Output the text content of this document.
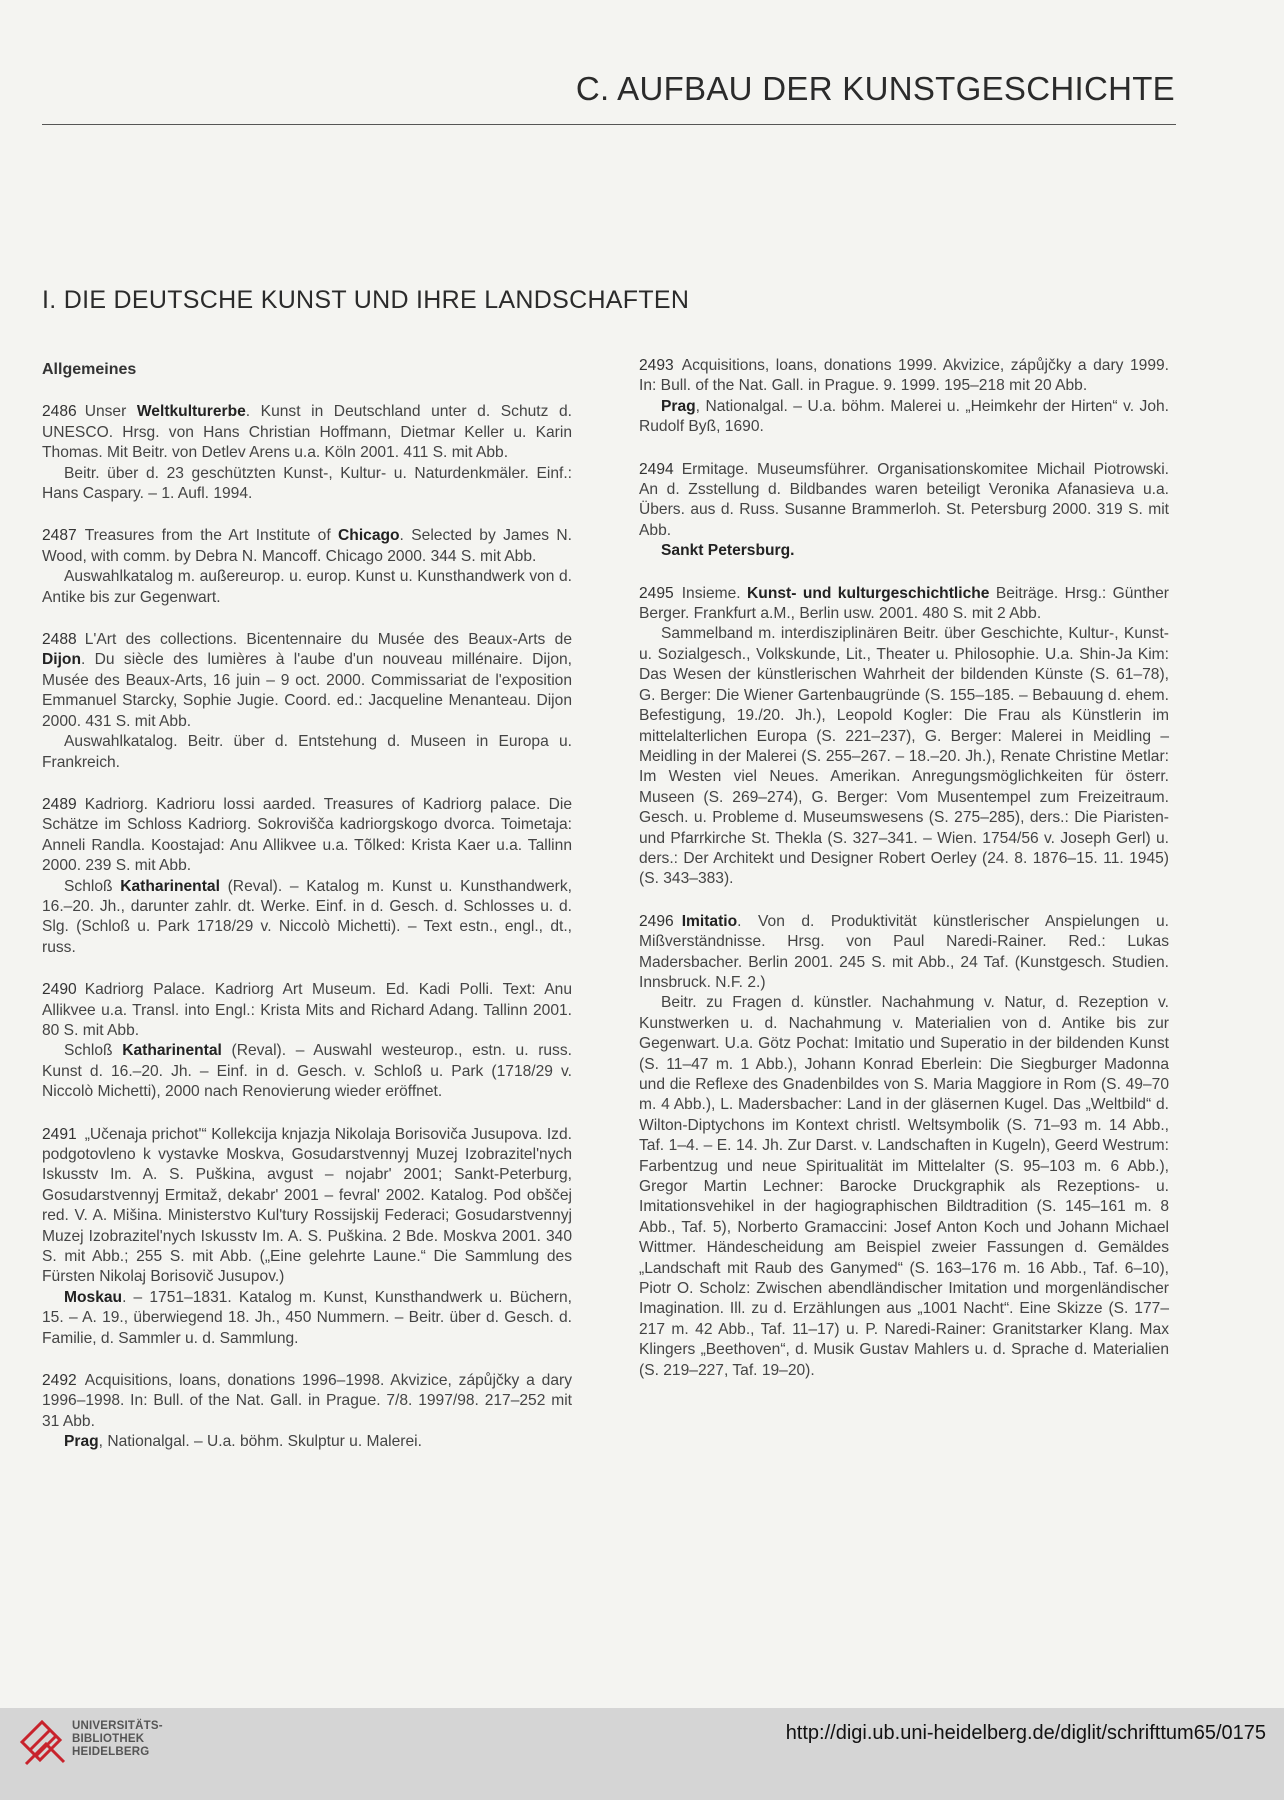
C. AUFBAU DER KUNSTGESCHICHTE
I. DIE DEUTSCHE KUNST UND IHRE LANDSCHAFTEN
Allgemeines

2486 Unser Weltkulturerbe. Kunst in Deutschland unter d. Schutz d. UNESCO. Hrsg. von Hans Christian Hoffmann, Dietmar Keller u. Karin Thomas. Mit Beitr. von Detlev Arens u.a. Köln 2001. 411 S. mit Abb.

Beitr. über d. 23 geschützten Kunst-, Kultur- u. Naturdenkmäler. Einf.: Hans Caspary. – 1. Aufl. 1994.

2487 Treasures from the Art Institute of Chicago. Selected by James N. Wood, with comm. by Debra N. Mancoff. Chicago 2000. 344 S. mit Abb.

Auswahlkatalog m. außereurop. u. europ. Kunst u. Kunsthandwerk von d. Antike bis zur Gegenwart.

2488 L'Art des collections. Bicentennaire du Musée des Beaux-Arts de Dijon. Du siècle des lumières à l'aube d'un nouveau millénaire. Dijon, Musée des Beaux-Arts, 16 juin – 9 oct. 2000. Commissariat de l'exposition Emmanuel Starcky, Sophie Jugie. Coord. ed.: Jacqueline Menanteau. Dijon 2000. 431 S. mit Abb.

Auswahlkatalog. Beitr. über d. Entstehung d. Museen in Europa u. Frankreich.

2489 Kadriorg. Kadrioru lossi aarded. Treasures of Kadriorg palace. Die Schätze im Schloss Kadriorg. Sokrovišča kadriorgskogo dvorca. Toimetaja: Anneli Randla. Koostajad: Anu Allikvee u.a. Tõlked: Krista Kaer u.a. Tallinn 2000. 239 S. mit Abb.

Schloß Katharinental (Reval). – Katalog m. Kunst u. Kunsthandwerk, 16.–20. Jh., darunter zahlr. dt. Werke. Einf. in d. Gesch. d. Schlosses u. d. Slg. (Schloß u. Park 1718/29 v. Niccolò Michetti). – Text estn., engl., dt., russ.

2490 Kadriorg Palace. Kadriorg Art Museum. Ed. Kadi Polli. Text: Anu Allikvee u.a. Transl. into Engl.: Krista Mits and Richard Adang. Tallinn 2001. 80 S. mit Abb.

Schloß Katharinental (Reval). – Auswahl westeurop., estn. u. russ. Kunst d. 16.–20. Jh. – Einf. in d. Gesch. v. Schloß u. Park (1718/29 v. Niccolò Michetti), 2000 nach Renovierung wieder eröffnet.

2491 „Učenaja prichot'“ Kollekcija knjazja Nikolaja Borisoviča Jusupova. Izd. podgotovleno k vystavke Moskva, Gosudarstvennyj Muzej Izobrazitel'nych Iskusstv Im. A. S. Puškina, avgust – nojabr' 2001; Sankt-Peterburg, Gosudarstvennyj Ermitaž, dekabr' 2001 – fevral' 2002. Katalog. Pod obščej red. V. A. Mišina. Ministerstvo Kul'tury Rossijskij Federaci; Gosudarstvennyj Muzej Izobrazitel'nych Iskusstv Im. A. S. Puškina. 2 Bde. Moskva 2001. 340 S. mit Abb.; 255 S. mit Abb. („Eine gelehrte Laune.“ Die Sammlung des Fürsten Nikolaj Borisovič Jusupov.)

Moskau. – 1751–1831. Katalog m. Kunst, Kunsthandwerk u. Büchern, 15. – A. 19., überwiegend 18. Jh., 450 Nummern. – Beitr. über d. Gesch. d. Familie, d. Sammler u. d. Sammlung.

2492 Acquisitions, loans, donations 1996–1998. Akvizice, zápůjčky a dary 1996–1998. In: Bull. of the Nat. Gall. in Prague. 7/8. 1997/98. 217–252 mit 31 Abb.

Prag, Nationalgal. – U.a. böhm. Skulptur u. Malerei.

2493 Acquisitions, loans, donations 1999. Akvizice, zápůjčky a dary 1999. In: Bull. of the Nat. Gall. in Prague. 9. 1999. 195–218 mit 20 Abb.

Prag, Nationalgal. – U.a. böhm. Malerei u. „Heimkehr der Hirten“ v. Joh. Rudolf Byß, 1690.

2494 Ermitage. Museumsführer. Organisationskomitee Michail Piotrowski. An d. Zsstellung d. Bildbandes waren beteiligt Veronika Afanasieva u.a. Übers. aus d. Russ. Susanne Brammerloh. St. Petersburg 2000. 319 S. mit Abb.

Sankt Petersburg.

2495 Insieme. Kunst- und kulturgeschichtliche Beiträge. Hrsg.: Günther Berger. Frankfurt a.M., Berlin usw. 2001. 480 S. mit 2 Abb.

Sammelband m. interdisziplinären Beitr. über Geschichte, Kultur-, Kunst- u. Sozialgesch., Volkskunde, Lit., Theater u. Philosophie. U.a. Shin-Ja Kim: Das Wesen der künstlerischen Wahrheit der bildenden Künste (S. 61–78), G. Berger: Die Wiener Gartenbaugründe (S. 155–185. – Bebauung d. ehem. Befestigung, 19./20. Jh.), Leopold Kogler: Die Frau als Künstlerin im mittelalterlichen Europa (S. 221–237), G. Berger: Malerei in Meidling – Meidling in der Malerei (S. 255–267. – 18.–20. Jh.), Renate Christine Metlar: Im Westen viel Neues. Amerikan. Anregungsmöglichkeiten für österr. Museen (S. 269–274), G. Berger: Vom Musentempel zum Freizeitraum. Gesch. u. Probleme d. Museumswesens (S. 275–285), ders.: Die Piaristen- und Pfarrkirche St. Thekla (S. 327–341. – Wien. 1754/56 v. Joseph Gerl) u. ders.: Der Architekt und Designer Robert Oerley (24. 8. 1876–15. 11. 1945) (S. 343–383).

2496 Imitatio. Von d. Produktivität künstlerischer Anspielungen u. Mißverständnisse. Hrsg. von Paul Naredi-Rainer. Red.: Lukas Madersbacher. Berlin 2001. 245 S. mit Abb., 24 Taf. (Kunstgesch. Studien. Innsbruck. N.F. 2.)

Beitr. zu Fragen d. künstler. Nachahmung v. Natur, d. Rezeption v. Kunstwerken u. d. Nachahmung v. Materialien von d. Antike bis zur Gegenwart. U.a. Götz Pochat: Imitatio und Superatio in der bildenden Kunst (S. 11–47 m. 1 Abb.), Johann Konrad Eberlein: Die Siegburger Madonna und die Reflexe des Gnadenbildes von S. Maria Maggiore in Rom (S. 49–70 m. 4 Abb.), L. Madersbacher: Land in der gläsernen Kugel. Das „Weltbild“ d. Wilton-Diptychons im Kontext christl. Weltsymbolik (S. 71–93 m. 14 Abb., Taf. 1–4. – E. 14. Jh. Zur Darst. v. Landschaften in Kugeln), Geerd Westrum: Farbentzug und neue Spiritualität im Mittelalter (S. 95–103 m. 6 Abb.), Gregor Martin Lechner: Barocke Druckgraphik als Rezeptions- u. Imitationsvehikel in der hagiographischen Bildtradition (S. 145–161 m. 8 Abb., Taf. 5), Norberto Gramaccini: Josef Anton Koch und Johann Michael Wittmer. Händescheidung am Beispiel zweier Fassungen d. Gemäldes „Landschaft mit Raub des Ganymed“ (S. 163–176 m. 16 Abb., Taf. 6–10), Piotr O. Scholz: Zwischen abendländischer Imitation und morgenländischer Imagination. Ill. zu d. Erzählungen aus „1001 Nacht“. Eine Skizze (S. 177–217 m. 42 Abb., Taf. 11–17) u. P. Naredi-Rainer: Granitstarker Klang. Max Klingers „Beethoven“, d. Musik Gustav Mahlers u. d. Sprache d. Materialien (S. 219–227, Taf. 19–20).

UNIVERSITÄTS-
BIBLIOTHEK
HEIDELBERG
http://digi.ub.uni-heidelberg.de/diglit/schrifttum65/0175
